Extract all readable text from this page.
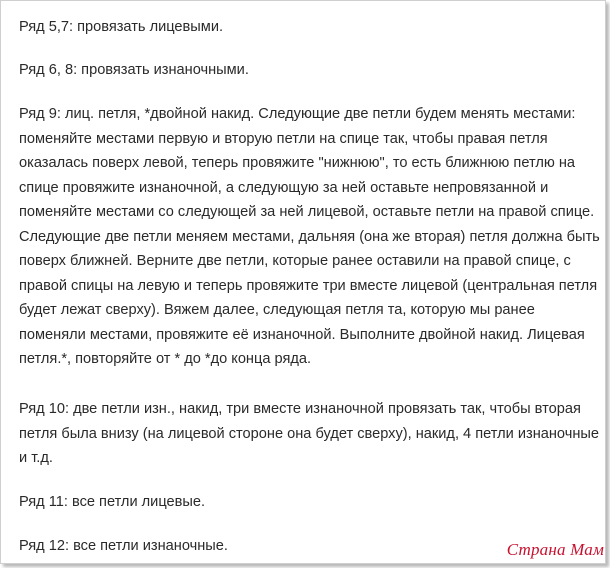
Ряд 5,7: провязать лицевыми.

Ряд 6, 8: провязать изнаночными.

Ряд 9: лиц. петля, *двойной накид. Следующие две петли будем менять местами: поменяйте местами первую и вторую петли на спице так, чтобы правая петля оказалась поверх левой, теперь провяжите "нижнюю", то есть ближнюю петлю на спице провяжите изнаночной, а следующую за ней оставьте непровязанной и поменяйте местами со следующей за ней лицевой, оставьте петли на правой спице. Следующие две петли меняем местами, дальняя (она же вторая) петля должна быть поверх ближней. Верните две петли, которые ранее оставили на правой спице, с правой спицы на левую и теперь провяжите три вместе лицевой (центральная петля будет лежат сверху). Вяжем далее, следующая петля та, которую мы ранее поменяли местами, провяжите её изнаночной. Выполните двойной накид. Лицевая петля.*, повторяйте от * до *до конца ряда.

Ряд 10: две петли изн., накид, три вместе изнаночной провязать так, чтобы вторая петля была внизу (на лицевой стороне она будет сверху), накид, 4 петли изнаночные и т.д.

Ряд 11: все петли лицевые.

Ряд 12: все петли изнаночные.	Страна Мам
